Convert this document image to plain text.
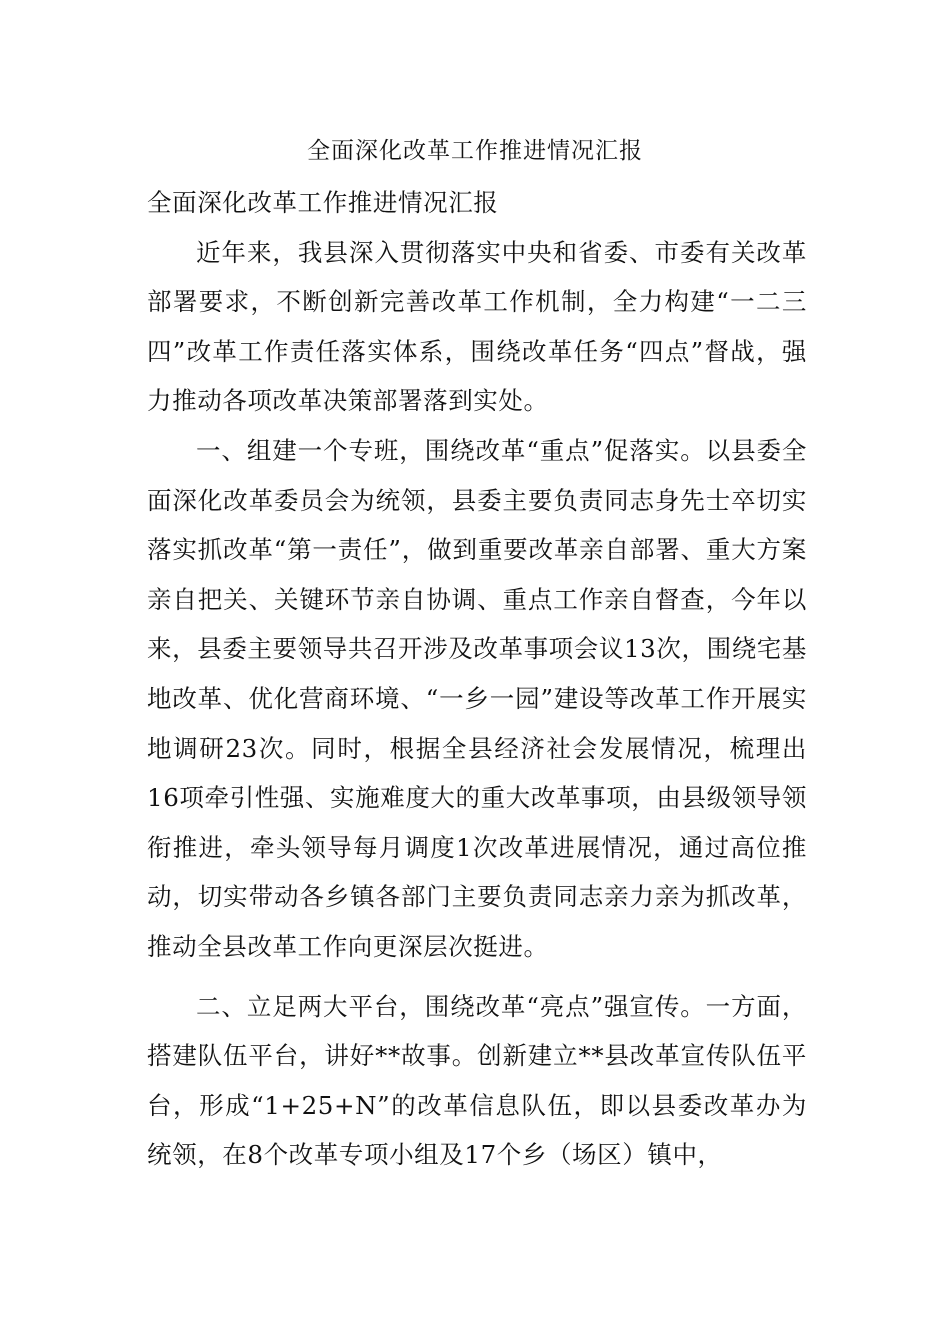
全面深化改革工作推进情况汇报

全面深化改革工作推进情况汇报

近年来，我县深入贯彻落实中央和省委、市委有关改革部署要求，不断创新完善改革工作机制，全力构建“一二三四”改革工作责任落实体系，围绕改革任务“四点”督战，强力推动各项改革决策部署落到实处。

一、组建一个专班，围绕改革“重点”促落实。以县委全面深化改革委员会为统领，县委主要负责同志身先士卒切实落实抓改革“第一责任”，做到重要改革亲自部署、重大方案亲自把关、关键环节亲自协调、重点工作亲自督查，今年以来，县委主要领导共召开涉及改革事项会议13次，围绕宅基地改革、优化营商环境、“一乡一园”建设等改革工作开展实地调研23次。同时，根据全县经济社会发展情况，梳理出16项牵引性强、实施难度大的重大改革事项，由县级领导领衔推进，牵头领导每月调度1次改革进展情况，通过高位推动，切实带动各乡镇各部门主要负责同志亲力亲为抓改革，推动全县改革工作向更深层次挺进。

二、立足两大平台，围绕改革“亮点”强宣传。一方面，搭建队伍平台，讲好**故事。创新建立**县改革宣传队伍平台，形成“1+25+N”的改革信息队伍，即以县委改革办为统领，在8个改革专项小组及17个乡（场区）镇中，
